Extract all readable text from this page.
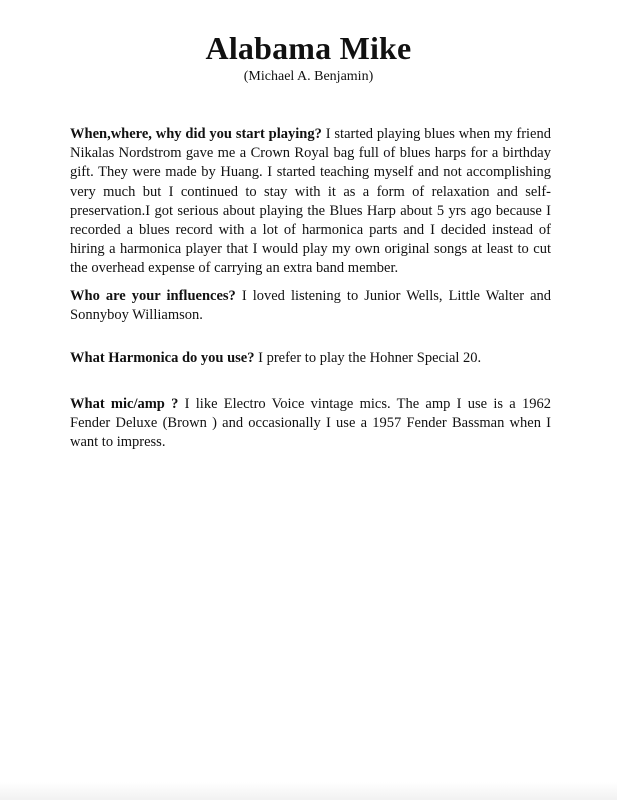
Alabama Mike
(Michael A. Benjamin)

When,where, why did you start playing? I started playing blues when my friend Nikalas Nordstrom gave me a Crown Royal bag full of blues harps for a birthday gift. They were made by Huang. I started teaching myself and not accomplishing very much but I continued to stay with it as a form of relaxation and self-preservation.I got serious about playing the Blues Harp about 5 yrs ago because I recorded a blues record with a lot of harmonica parts and I decided instead of hiring a harmonica player that I would play my own original songs at least to cut the overhead expense of carrying an extra band member.

Who are your influences? I loved listening to Junior Wells, Little Walter and Sonnyboy Williamson.

What Harmonica do you use? I prefer to play the Hohner Special 20.

What mic/amp ? I like Electro Voice vintage mics. The amp I use is a 1962 Fender Deluxe (Brown ) and occasionally I use a 1957 Fender Bassman when I want to impress.
